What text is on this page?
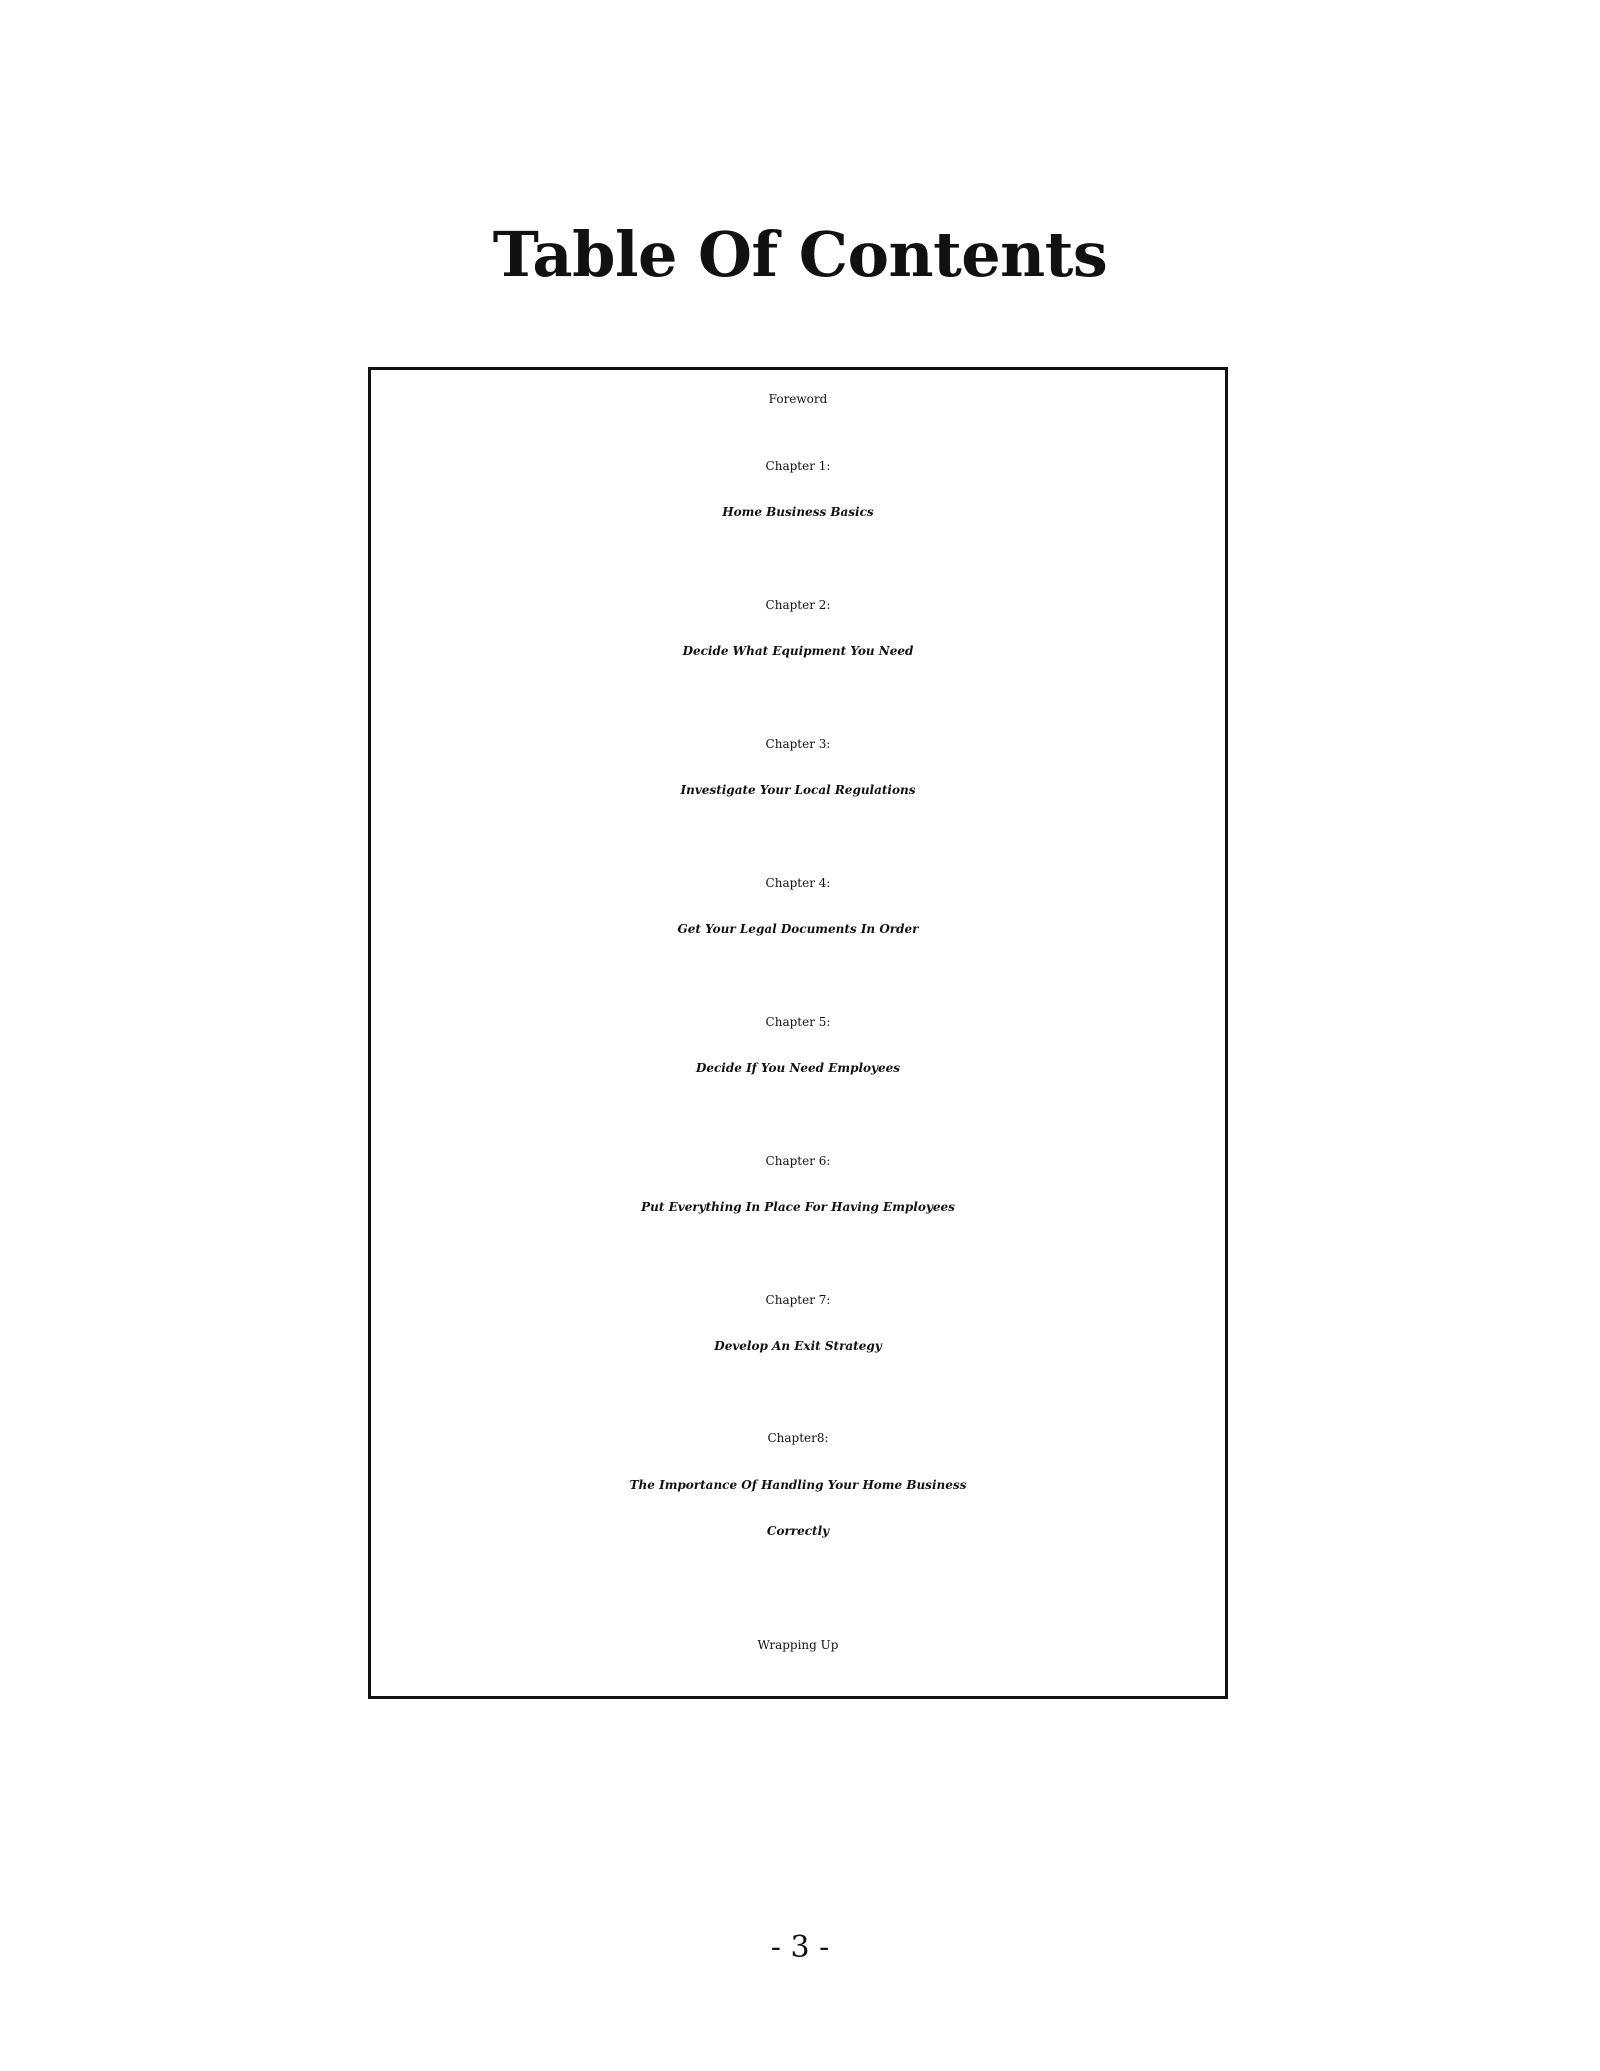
Table Of Contents
Foreword
Chapter 1:
Home Business Basics
Chapter 2:
Decide What Equipment You Need
Chapter 3:
Investigate Your Local Regulations
Chapter 4:
Get Your Legal Documents In Order
Chapter 5:
Decide If You Need Employees
Chapter 6:
Put Everything In Place For Having Employees
Chapter 7:
Develop An Exit Strategy
Chapter8:
The Importance Of Handling Your Home Business
Correctly
Wrapping Up
- 3 -
